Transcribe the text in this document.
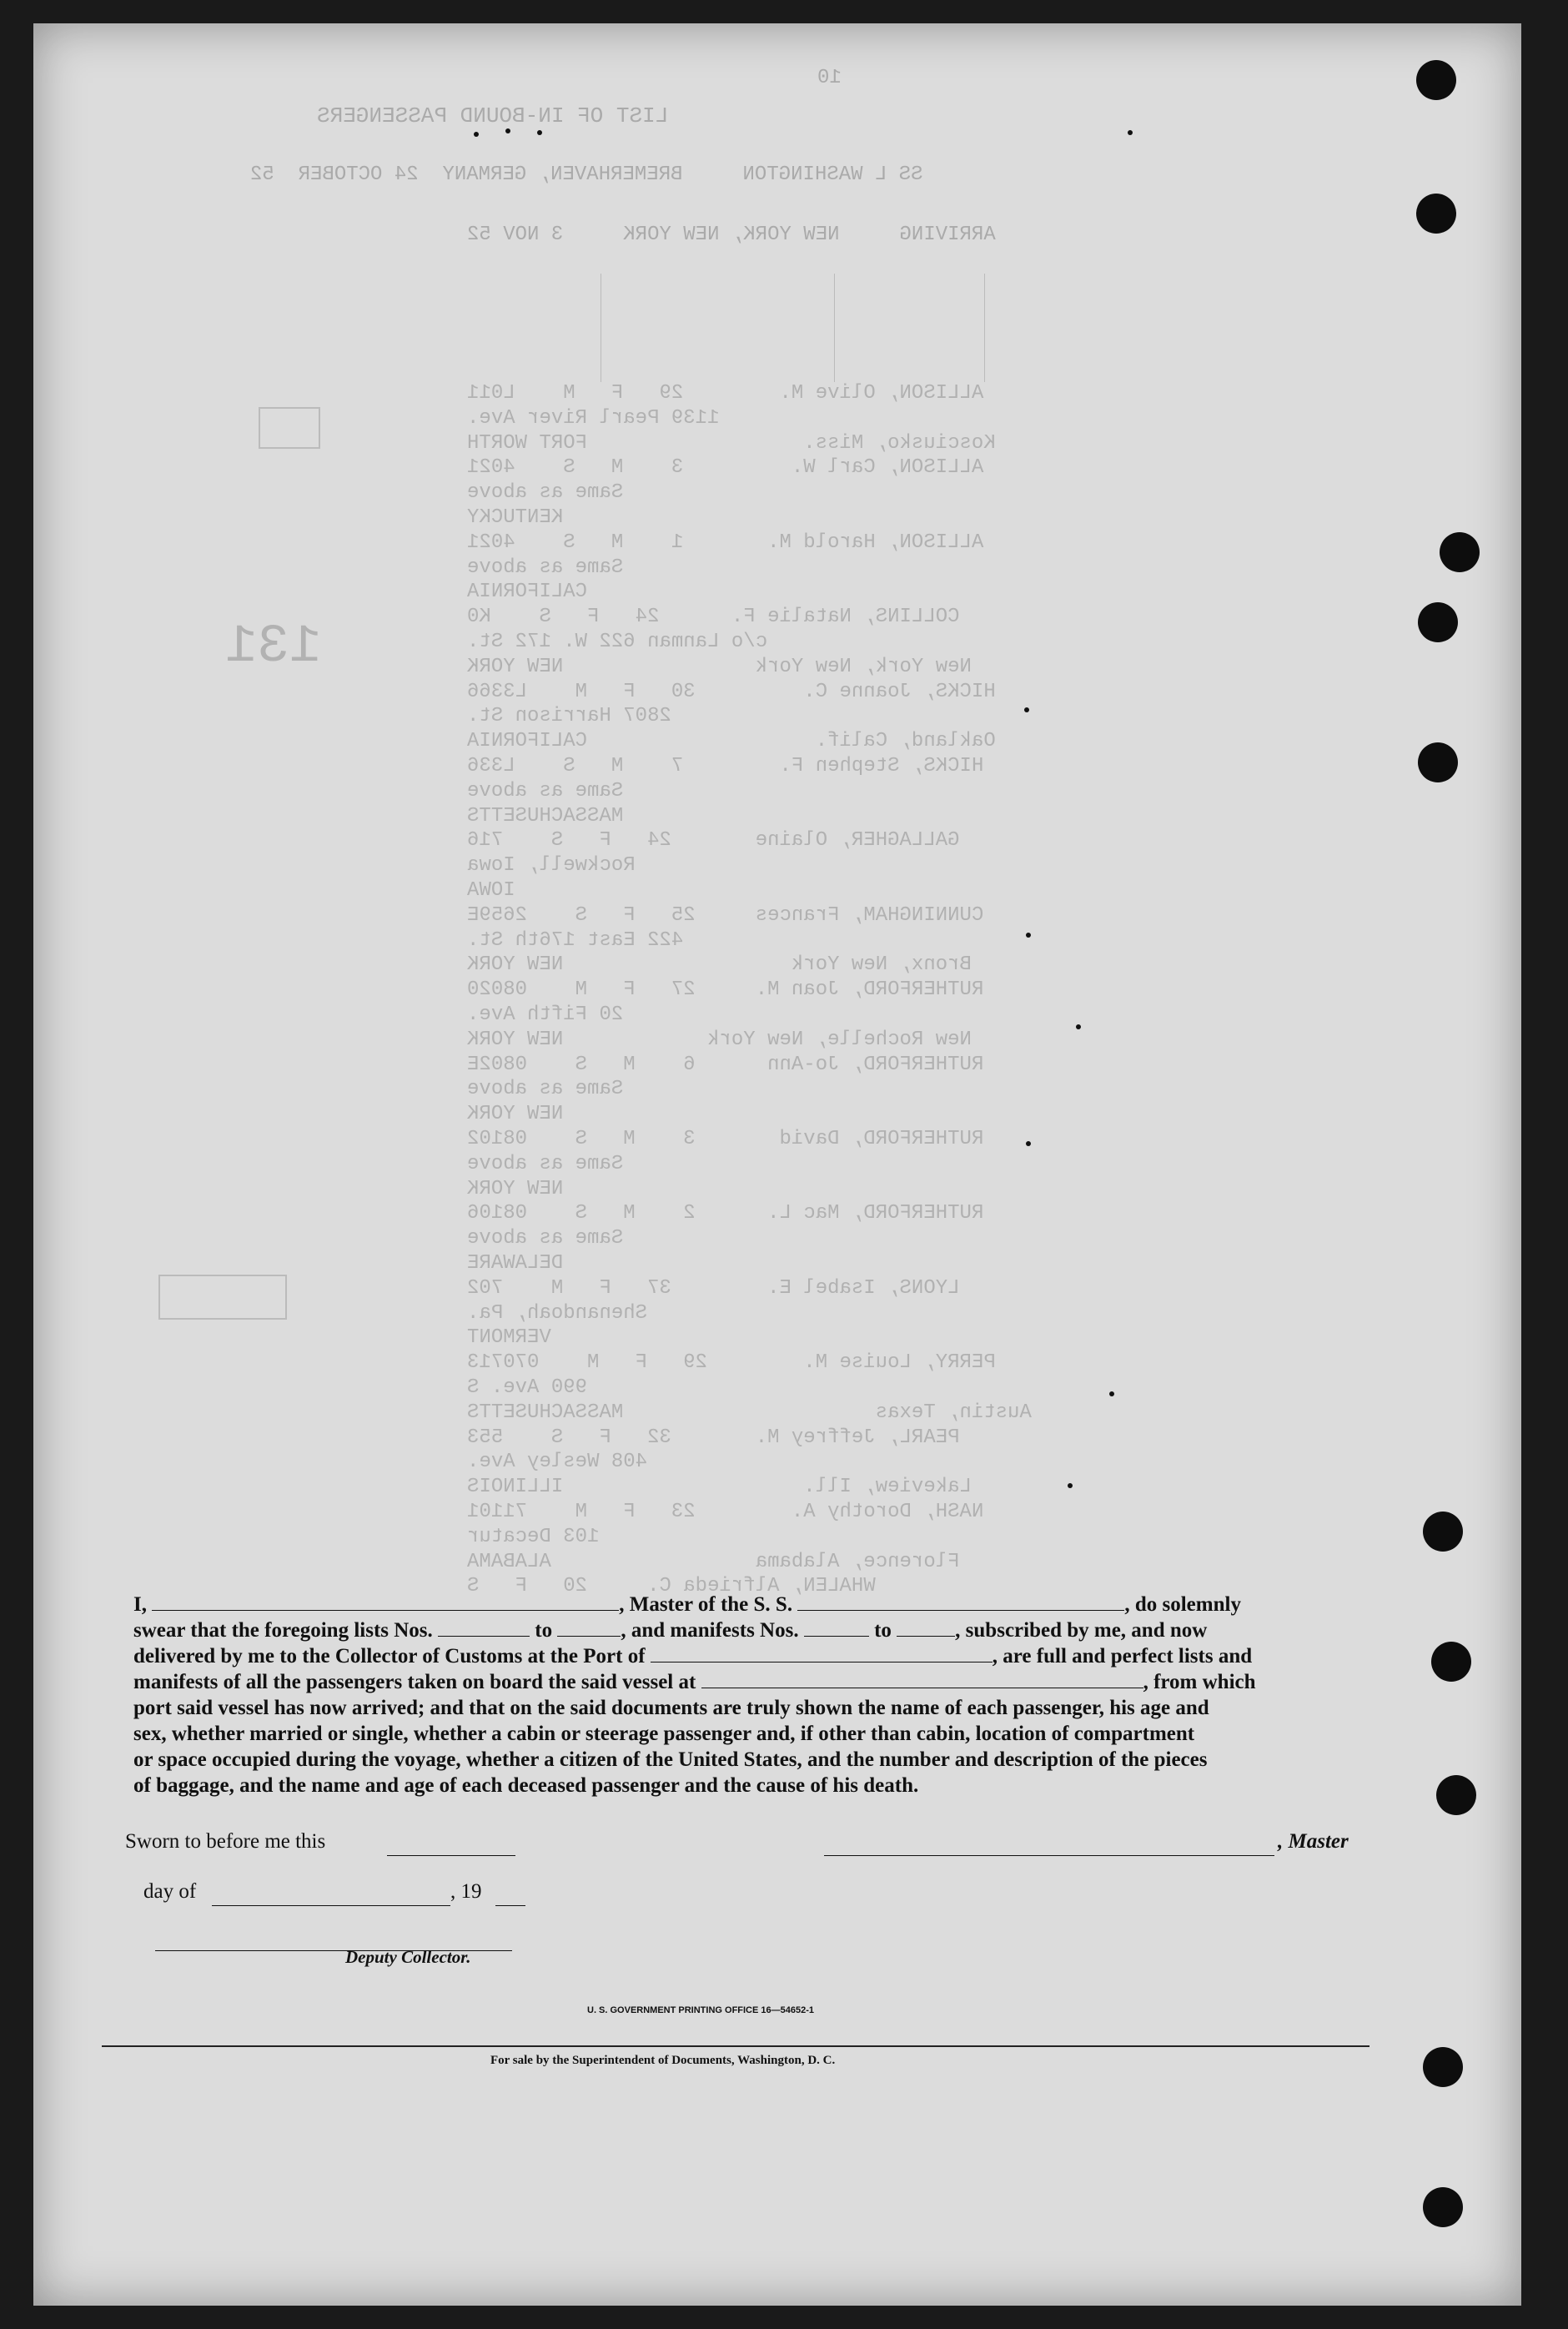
LIST OF IN-BOUND PASSENGERS
10
SS L WASHINGTON     BREMERHAVEN, GERMANY  24 OCTOBER  52
ARRIVING     NEW YORK, NEW YORK     3 NOV 52
ALLISON, Olive M.        29   F   M    L011
1139 Pearl River Ave.
Kosciusko, Miss.                  FORT WORTH
ALLISON, Carl W.         3    M   S    4021
Same as above
KENTUCKY
ALLISON, Harold M.       1    M   S    4021
Same as above
CALIFORNIA
COLLINS, Natalie F.      24   F   S    K0
c/o Lanman 622 W. 172 St.
New York, New York                NEW YORK
HICKS, Joanne C.         30   F   M    L3366
2807 Harrison St.
Oakland, Calif.                   CALIFORNIA
HICKS, Stephen F.        7    M   S    L336
Same as above
MASSACHUSETTS
GALLAGHER, Olaine       24   F   S    716
Rockwell, Iowa
IOWA
CUNNINGHAM, Frances     25   F   S    2659E
422 East 176th St.
Bronx, New York                   NEW YORK
RUTHERFORD, Joan M.     27   F   M    08020
20 Fifth Ave.
New Rochelle, New York            NEW YORK
RUTHERFORD, Jo-Ann      6    M   S    0802E
Same as above
NEW YORK
RUTHERFORD, David       3    M   S    08102
Same as above
NEW YORK
RUTHERFORD, Mac L.      2    M   S    08106
Same as above
DELAWARE
LYONS, Isabel E.        37   F   M    702
Shenandoah, Pa.
VERMONT
PERRY, Louise M.        29   F   M    070713
990 Ave. S
Austin, Texas                     MASSACHUSETTS
PEARL, Jeffrey M.       32   F   S    553
408 Wesley Ave.
Lakeview, Ill.                    ILLINOIS
NASH, Dorothy A.        23   F   M    71101
103 Decatur
Florence, Alabama                 ALABAMA
WHALEN, Alfrieda C.     20   F   S
131
I,	, Master of the S. S.	, do solemnly
swear that the foregoing lists Nos.	to	, and manifests Nos.	to	, subscribed by me, and now
delivered by me to the Collector of Customs at the Port of	, are full and perfect lists and
manifests of all the passengers taken on board the said vessel at	, from which
port said vessel has now arrived; and that on the said documents are truly shown the name of each passenger, his age and
sex, whether married or single, whether a cabin or steerage passenger and, if other than cabin, location of compartment
or space occupied during the voyage, whether a citizen of the United States, and the number and description of the pieces
of baggage, and the name and age of each deceased passenger and the cause of his death.
Sworn to before me this	, Master
day of	, 19
Deputy Collector.
U. S. GOVERNMENT PRINTING OFFICE 16—54652-1
For sale by the Superintendent of Documents, Washington, D. C.
